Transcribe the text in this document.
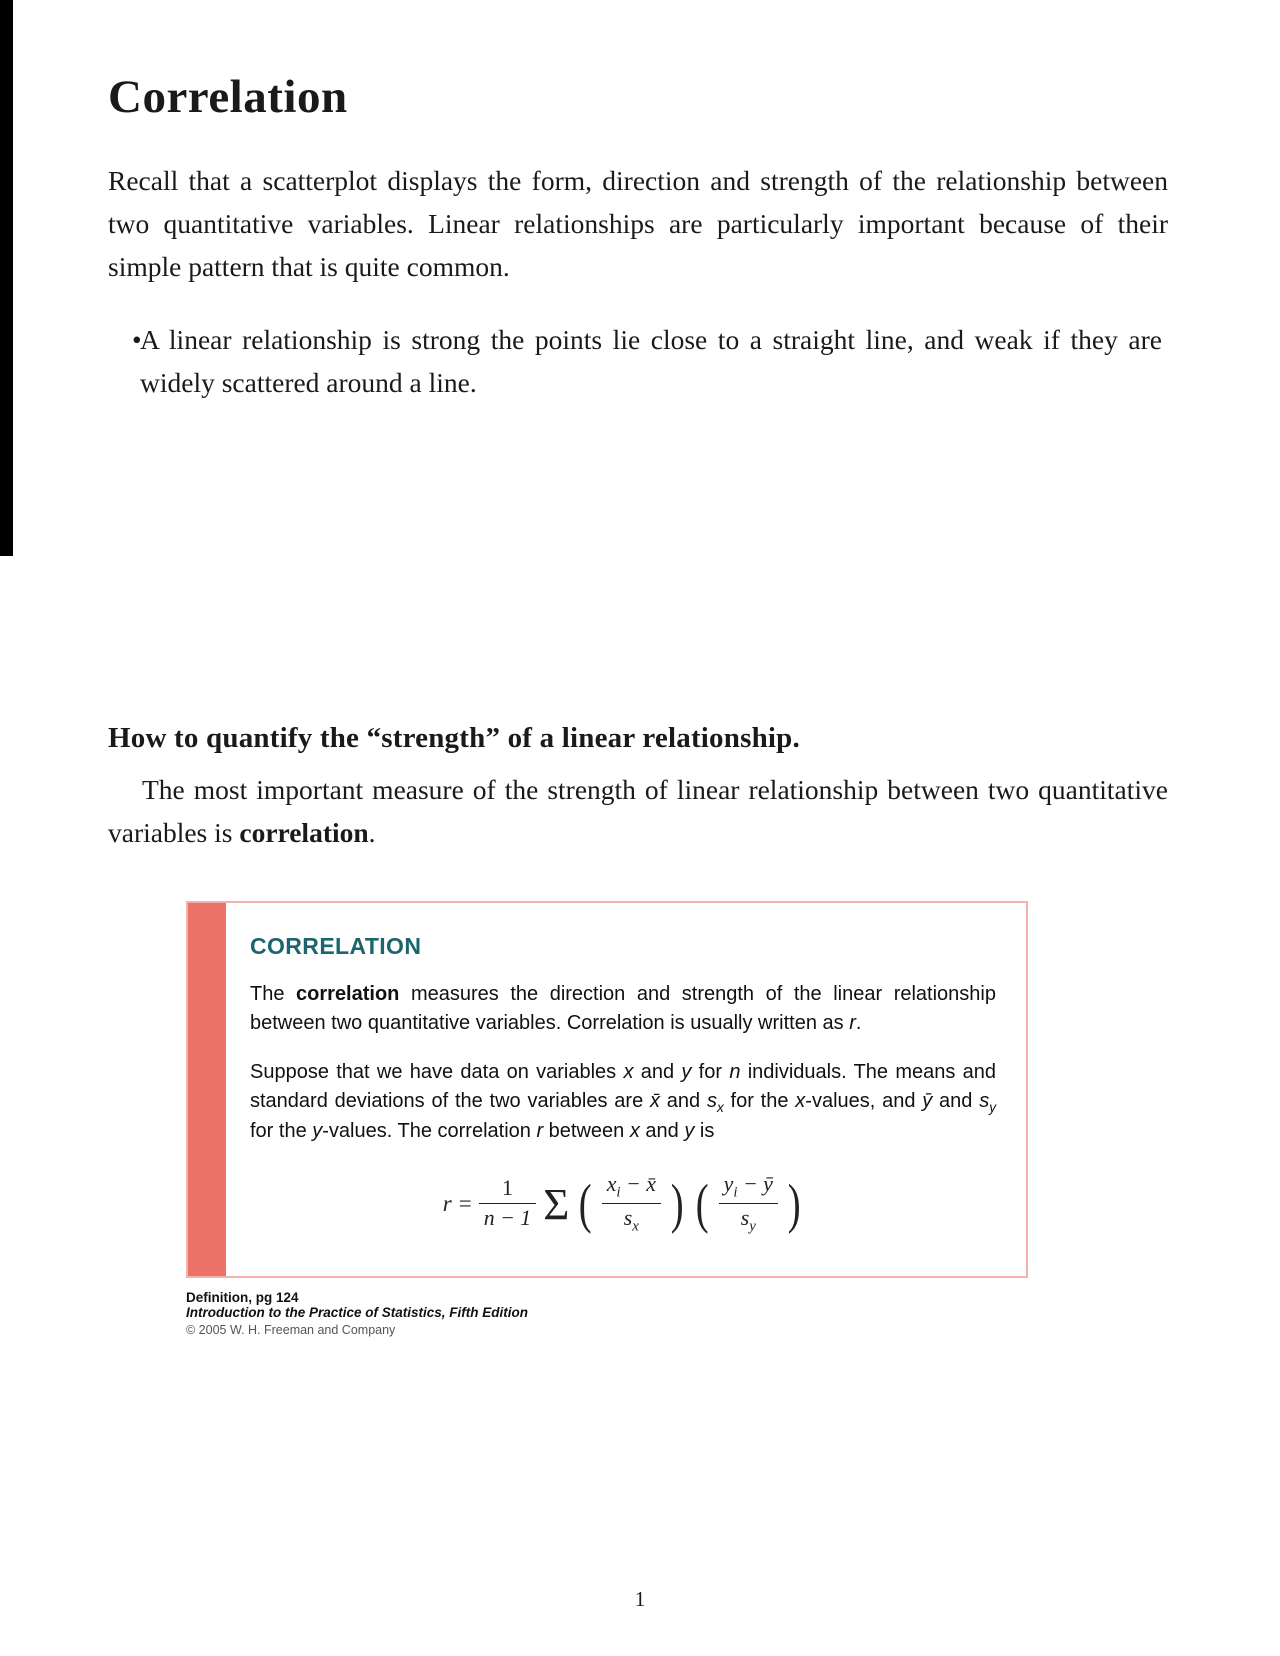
Correlation

Recall that a scatterplot displays the form, direction and strength of the relationship between two quantitative variables. Linear relationships are particularly important because of their simple pattern that is quite common.

•
A linear relationship is strong the points lie close to a straight line, and weak if they are widely scattered around a line.
How to quantify the “strength” of a linear relationship.

The most important measure of the strength of linear relationship between two quantitative variables is correlation.

CORRELATION

The correlation measures the direction and strength of the linear relationship between two quantitative variables. Correlation is usually written as r.

Suppose that we have data on variables x and y for n individuals. The means and standard deviations of the two variables are x̄ and $s_x$ for the x-values, and ȳ and $s_y$ for the y-values. The correlation r between x and y is

$r = \frac{1}{n - 1}$ Σ ( $\frac{x_i - x̄}{s_x}$ ) ( $\frac{y_i - ȳ}{s_y}$ )
Definition, pg 124
Introduction to the Practice of Statistics, Fifth Edition
© 2005 W. H. Freeman and Company
1
